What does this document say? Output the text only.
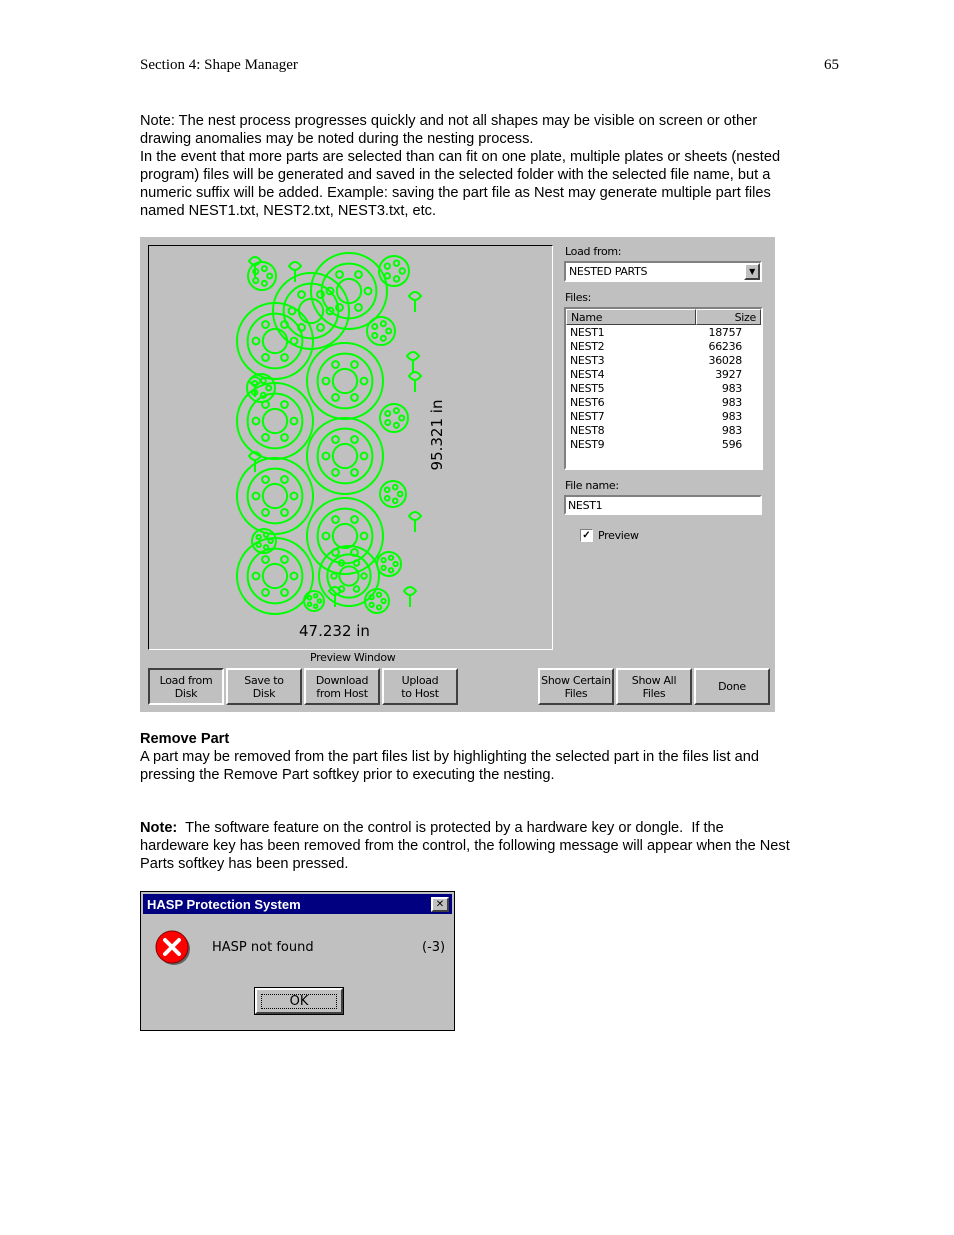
Section 4: Shape Manager	65
Note: The nest process progresses quickly and not all shapes may be visible on screen or other
drawing anomalies may be noted during the nesting process.
In the event that more parts are selected than can fit on one plate, multiple plates or sheets (nested
program) files will be generated and saved in the selected folder with the selected file name, but a
numeric suffix will be added. Example: saving the part file as Nest may generate multiple part files
named NEST1.txt, NEST2.txt, NEST3.txt, etc.
47.232 in
95.321 in
Preview Window
Load from:
NESTED PARTS	▼
Files:
Name	Size
NEST1	18757
NEST2	66236
NEST3	36028
NEST4	3927
NEST5	983
NEST6	983
NEST7	983
NEST8	983
NEST9	596
File name:
NEST1
✓ Preview
Load from
Disk
Save to
Disk
Download
from Host
Upload
to Host
Show Certain
Files
Show All
Files	Done
Remove Part
A part may be removed from the part files list by highlighting the selected part in the files list and
pressing the Remove Part softkey prior to executing the nesting.
Note:  The software feature on the control is protected by a hardware key or dongle.  If the
hardeware key has been removed from the control, the following message will appear when the Nest
Parts softkey has been pressed.
HASP Protection System	✕
HASP not found	(-3)
OK
